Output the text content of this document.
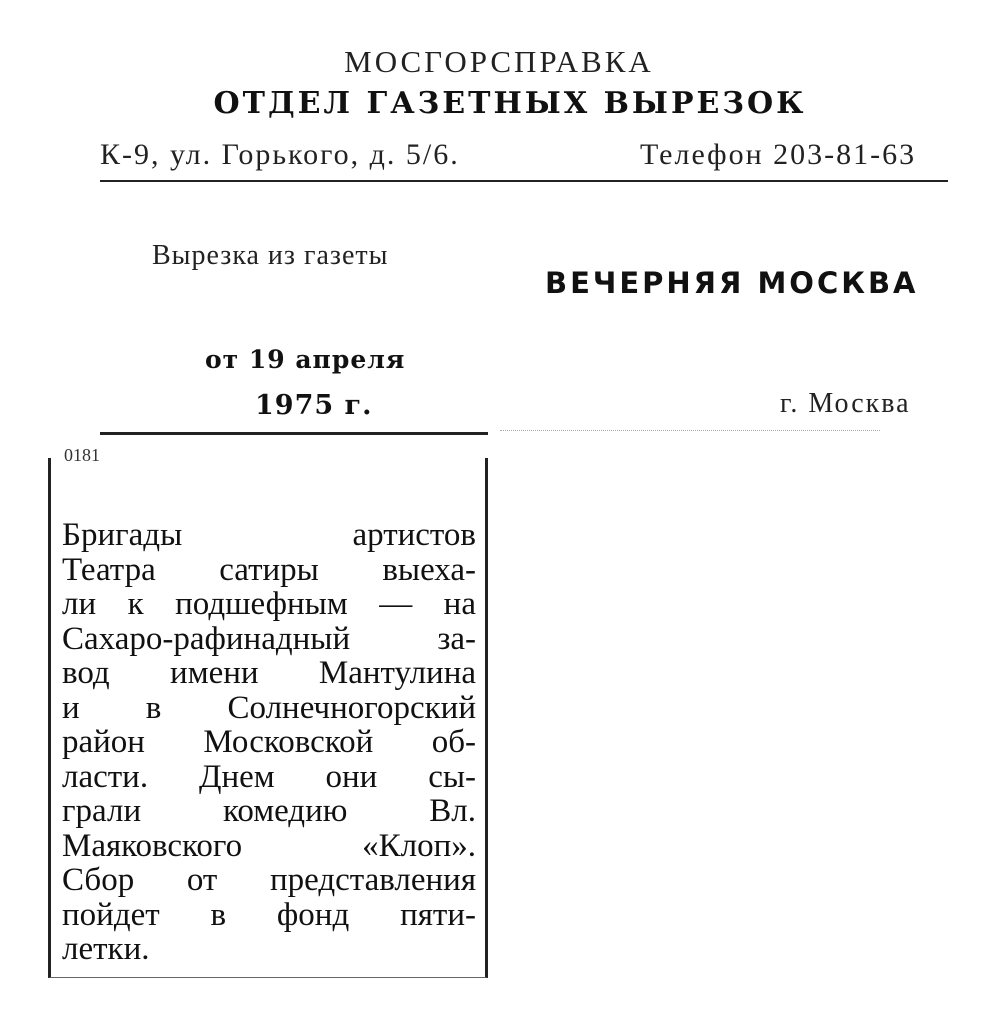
МОСГОРСПРАВКА
ОТДЕЛ ГАЗЕТНЫХ ВЫРЕЗОК
К-9, ул. Горького, д. 5/6.	Телефон 203-81-63
Вырезка из газеты
ВЕЧЕРНЯЯ МОСКВА
от 19 апреля
1975 г.	г. Москва
0181
Бригады артистов
Театра сатиры выеха-
ли к подшефным — на
Сахаро-рафинадный за-
вод имени Мантулина
и в Солнечногорский
район Московской об-
ласти. Днем они сы-
грали комедию Вл.
Маяковского «Клоп».
Сбор от представления
пойдет в фонд пяти-
летки.
